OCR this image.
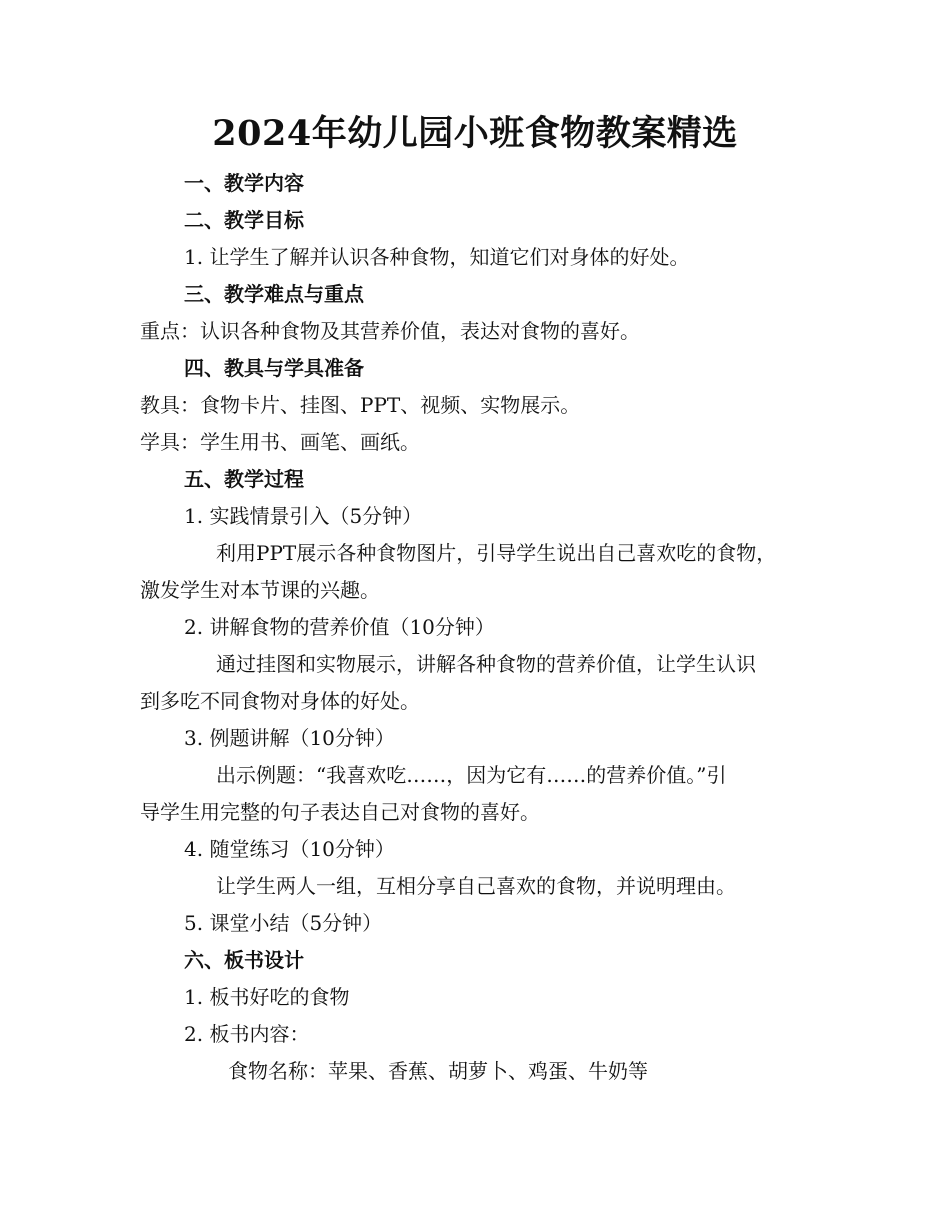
2024年幼儿园小班食物教案精选
一、教学内容
二、教学目标
1. 让学生了解并认识各种食物，知道它们对身体的好处。
三、教学难点与重点
重点：认识各种食物及其营养价值，表达对食物的喜好。
四、教具与学具准备
教具：食物卡片、挂图、PPT、视频、实物展示。
学具：学生用书、画笔、画纸。
五、教学过程
1. 实践情景引入（5分钟）
利用PPT展示各种食物图片，引导学生说出自己喜欢吃的食物，
激发学生对本节课的兴趣。
2. 讲解食物的营养价值（10分钟）
通过挂图和实物展示，讲解各种食物的营养价值，让学生认识
到多吃不同食物对身体的好处。
3. 例题讲解（10分钟）
出示例题：“我喜欢吃……，因为它有……的营养价值。”引
导学生用完整的句子表达自己对食物的喜好。
4. 随堂练习（10分钟）
让学生两人一组，互相分享自己喜欢的食物，并说明理由。
5. 课堂小结（5分钟）
六、板书设计
1. 板书好吃的食物
2. 板书内容：
食物名称：苹果、香蕉、胡萝卜、鸡蛋、牛奶等
